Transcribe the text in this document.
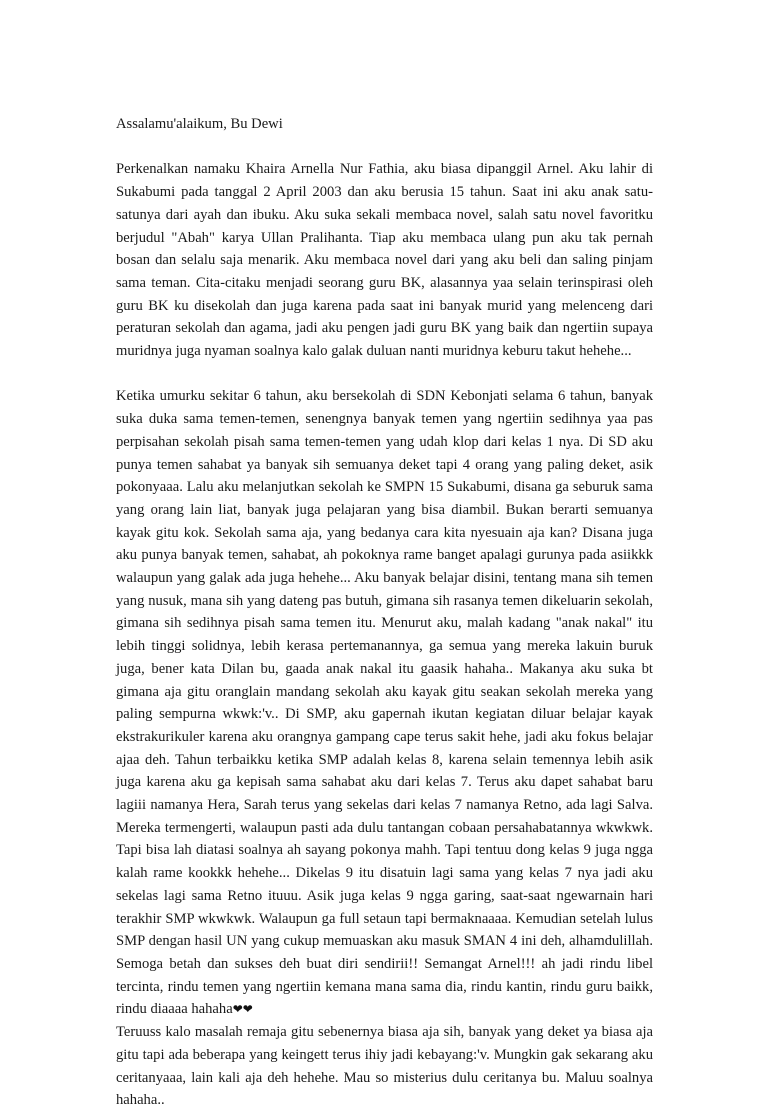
Assalamu'alaikum, Bu Dewi

Perkenalkan namaku Khaira Arnella Nur Fathia, aku biasa dipanggil Arnel. Aku lahir di Sukabumi pada tanggal 2 April 2003 dan aku berusia 15 tahun. Saat ini aku anak satu-satunya dari ayah dan ibuku. Aku suka sekali membaca novel, salah satu novel favoritku berjudul "Abah" karya Ullan Pralihanta. Tiap aku membaca ulang pun aku tak pernah bosan dan selalu saja menarik. Aku membaca novel dari yang aku beli dan saling pinjam sama teman. Cita-citaku menjadi seorang guru BK, alasannya yaa selain terinspirasi oleh guru BK ku disekolah dan juga karena pada saat ini banyak murid yang melenceng dari peraturan sekolah dan agama, jadi aku pengen jadi guru BK yang baik dan ngertiin supaya muridnya juga nyaman soalnya kalo galak duluan nanti muridnya keburu takut hehehe...

Ketika umurku sekitar 6 tahun, aku bersekolah di SDN Kebonjati selama 6 tahun, banyak suka duka sama temen-temen, senengnya banyak temen yang ngertiin sedihnya yaa pas perpisahan sekolah pisah sama temen-temen yang udah klop dari kelas 1 nya. Di SD aku punya temen sahabat ya banyak sih semuanya deket tapi 4 orang yang paling deket, asik pokonyaaa. Lalu aku melanjutkan sekolah ke SMPN 15 Sukabumi, disana ga seburuk sama yang orang lain liat, banyak juga pelajaran yang bisa diambil. Bukan berarti semuanya kayak gitu kok. Sekolah sama aja, yang bedanya cara kita nyesuain aja kan? Disana juga aku punya banyak temen, sahabat, ah pokoknya rame banget apalagi gurunya pada asiikkk walaupun yang galak ada juga hehehe... Aku banyak belajar disini, tentang mana sih temen yang nusuk, mana sih yang dateng pas butuh, gimana sih rasanya temen dikeluarin sekolah, gimana sih sedihnya pisah sama temen itu. Menurut aku, malah kadang "anak nakal" itu lebih tinggi solidnya, lebih kerasa pertemanannya, ga semua yang mereka lakuin buruk juga, bener kata Dilan bu, gaada anak nakal itu gaasik hahaha.. Makanya aku suka bt gimana aja gitu oranglain mandang sekolah aku kayak gitu seakan sekolah mereka yang paling sempurna wkwk:'v.. Di SMP, aku gapernah ikutan kegiatan diluar belajar kayak ekstrakurikuler karena aku orangnya gampang cape terus sakit hehe, jadi aku fokus belajar ajaa deh. Tahun terbaikku ketika SMP adalah kelas 8, karena selain temennya lebih asik juga karena aku ga kepisah sama sahabat aku dari kelas 7. Terus aku dapet sahabat baru lagiii namanya Hera, Sarah terus yang sekelas dari kelas 7 namanya Retno, ada lagi Salva. Mereka termengerti, walaupun pasti ada dulu tantangan cobaan persahabatannya wkwkwk. Tapi bisa lah diatasi soalnya ah sayang pokonya mahh. Tapi tentuu dong kelas 9 juga ngga kalah rame kookkk hehehe... Dikelas 9 itu disatuin lagi sama yang kelas 7 nya jadi aku sekelas lagi sama Retno ituuu. Asik juga kelas 9 ngga garing, saat-saat ngewarnain hari terakhir SMP wkwkwk. Walaupun ga full setaun tapi bermaknaaaa. Kemudian setelah lulus SMP dengan hasil UN yang cukup memuaskan aku masuk SMAN 4 ini deh, alhamdulillah. Semoga betah dan sukses deh buat diri sendirii!! Semangat Arnel!!! ah jadi rindu libel tercinta, rindu temen yang ngertiin kemana mana sama dia, rindu kantin, rindu guru baikk, rindu diaaaa hahaha❤❤

Teruuss kalo masalah remaja gitu sebenernya biasa aja sih, banyak yang deket ya biasa aja gitu tapi ada beberapa yang keingett terus ihiy jadi kebayang:'v. Mungkin gak sekarang aku ceritanyaaa, lain kali aja deh hehehe. Mau so misterius dulu ceritanya bu. Maluu soalnya hahaha..
